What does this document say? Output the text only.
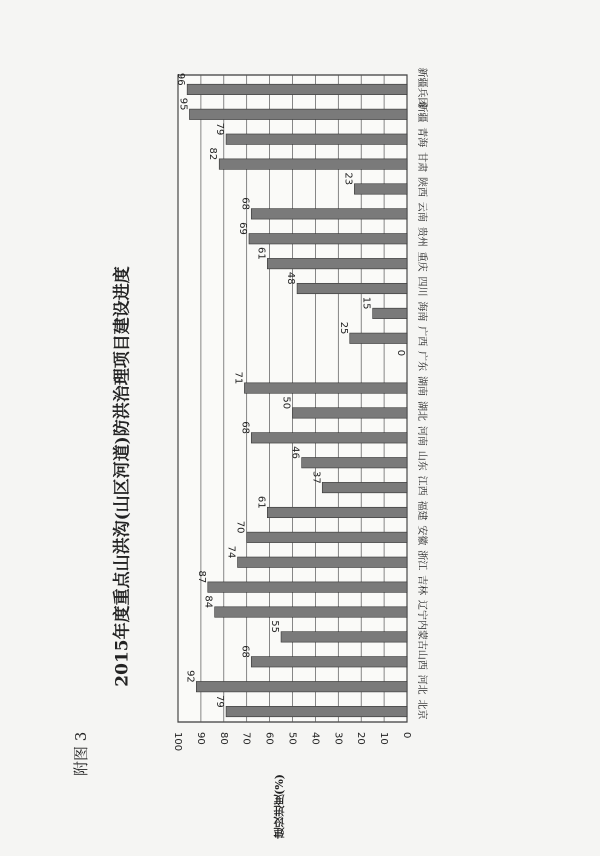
附图 3
2015年度重点山洪沟(山区河道)防洪治理项目建设进度
建设进度(%)
0
10
20
30
40
50
60
70
80
90
100
79	北京
92	河北
68	山西
55	内蒙古
84	辽宁
87	吉林
74	浙江
70	安徽
61	福建
37	江西
46	山东
68	河南
50	湖北
71	湖南
0 广东
25	广西
15	海南
48	四川
61	重庆
69	贵州
68	云南
23	陕西
82	甘肃
79	青海
95	新疆
96	新疆兵团
